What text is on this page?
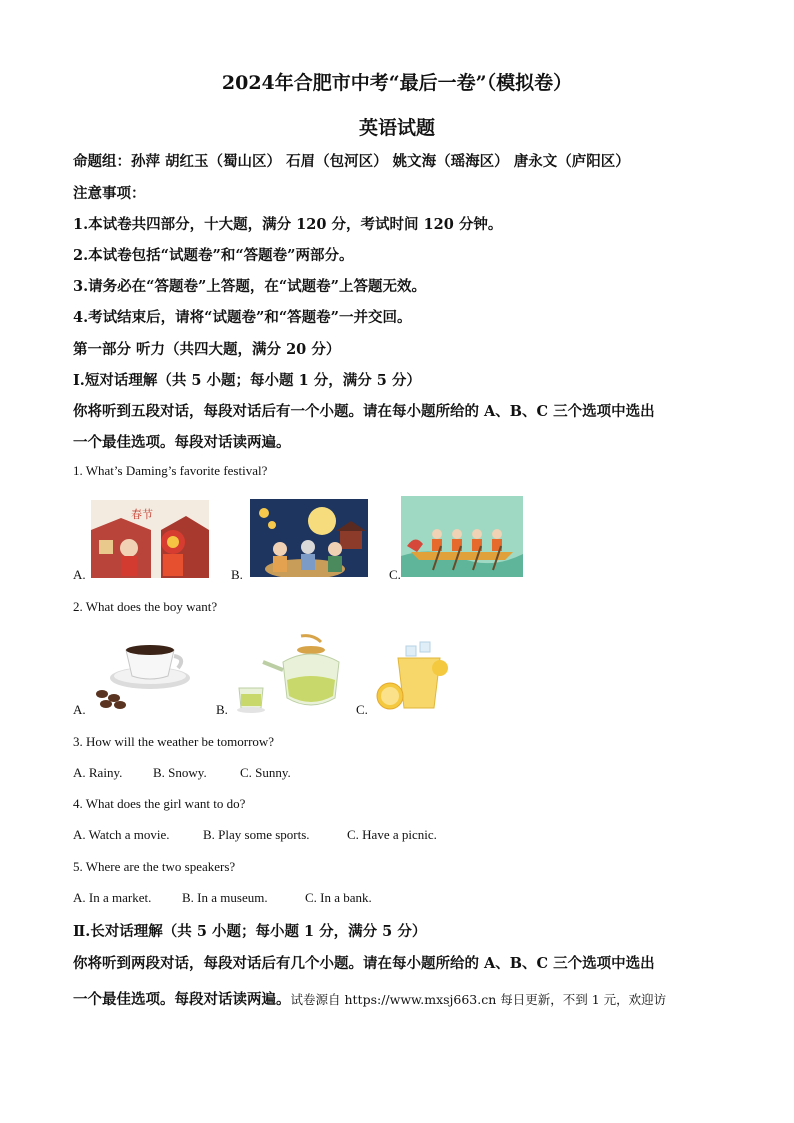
2024年合肥市中考“最后一卷”（模拟卷）
英语试题
命题组：孙萍 胡红玉（蜀山区） 石眉（包河区） 姚文海（瑶海区） 唐永文（庐阳区）
注意事项：
1.本试卷共四部分，十大题，满分 120 分，考试时间 120 分钟。
2.本试卷包括“试题卷”和“答题卷”两部分。
3.请务必在“答题卷”上答题，在“试题卷”上答题无效。
4.考试结束后，请将“试题卷”和“答题卷”一并交回。
第一部分 听力（共四大题，满分 20 分）
Ⅰ.短对话理解（共 5 小题；每小题 1 分，满分 5 分）
你将听到五段对话，每段对话后有一个小题。请在每小题所给的 A、B、C 三个选项中选出
一个最佳选项。每段对话读两遍。
1. What’s Daming’s favorite festival?
A.
春节
B.	C.
2. What does the boy want?
A.	B.	C.
3. How will the weather be tomorrow?
A. Rainy. B. Snowy.	C. Sunny.
4. What does the girl want to do?
A. Watch a movie.	B. Play some sports.	C. Have a picnic.
5. Where are the two speakers?
A. In a market. B. In a museum.	C. In a bank.
Ⅱ.长对话理解（共 5 小题；每小题 1 分，满分 5 分）
你将听到两段对话，每段对话后有几个小题。请在每小题所给的 A、B、C 三个选项中选出
一个最佳选项。每段对话读两遍。试卷源自 https://www.mxsj663.cn 每日更新，不到 1 元，欢迎访
